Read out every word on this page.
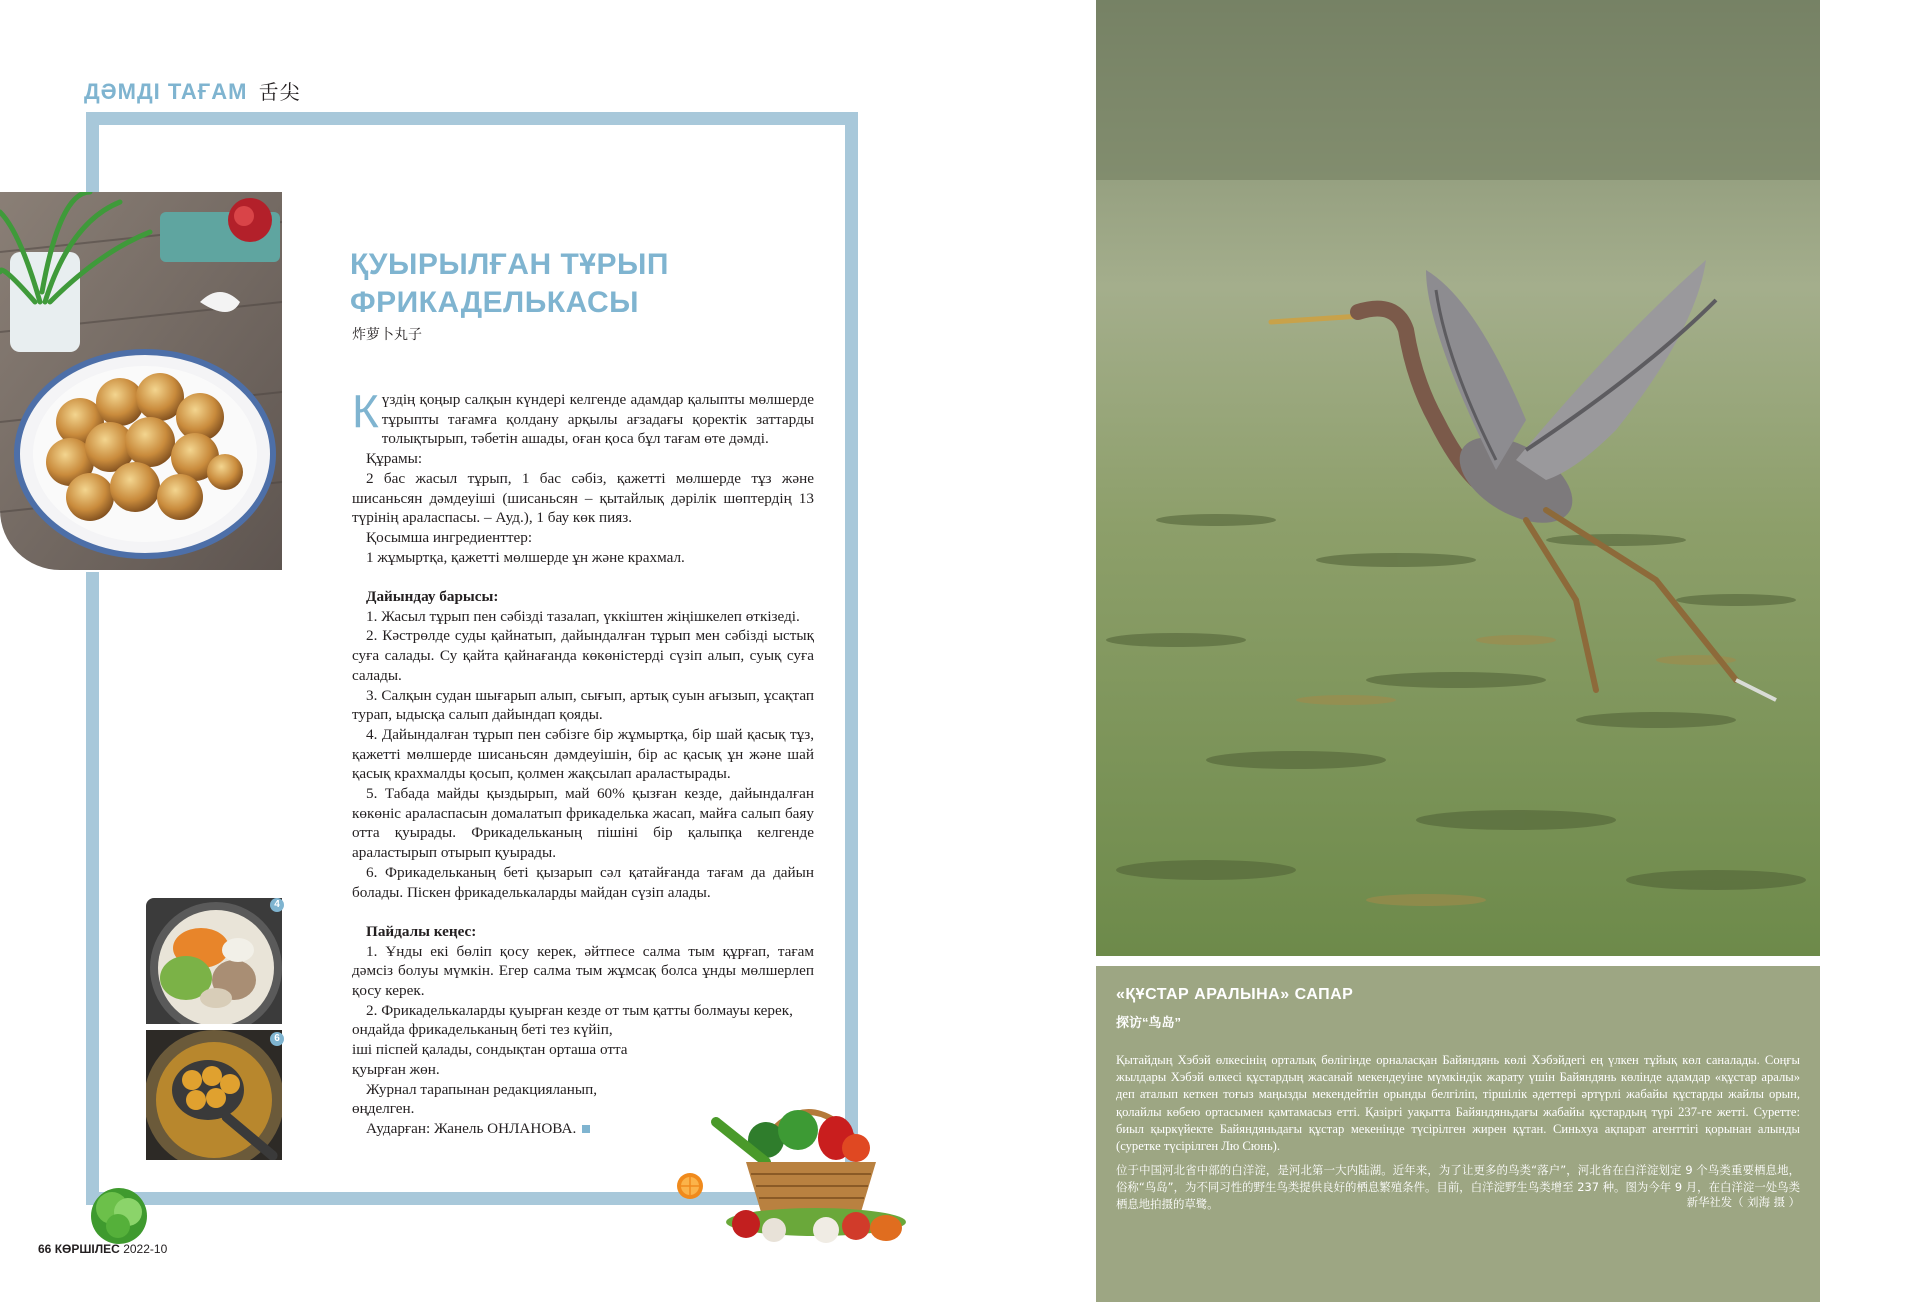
ДӘМДІ ТАҒАМ 舌尖
ҚУЫРЫЛҒАН ТҰРЫП
ФРИКАДЕЛЬКАСЫ
炸萝卜丸子

Күздің қоңыр салқын күндері келгенде адамдар қалыпты мөлшерде тұрыпты тағамға қолдану арқылы ағзадағы қоректік заттарды толықтырып, тәбетін ашады, оған қоса бұл тағам өте дәмді.

Құрамы:

2 бас жасыл тұрып, 1 бас сәбіз, қажетті мөлшерде тұз және шисаньсян дәмдеуіші (шисаньсян – қытайлық дәрілік шөптердің 13 түрінің араласпасы. – Ауд.), 1 бау көк пияз.

Қосымша ингредиенттер:

1 жұмыртқа, қажетті мөлшерде ұн және крахмал.

Дайындау барысы:

1. Жасыл тұрып пен сәбізді тазалап, үккіштен жіңішкелеп өткізеді.

2. Кәстрөлде суды қайнатып, дайындалған тұрып мен сәбізді ыстық суға салады. Су қайта қайнағанда көкөністерді сүзіп алып, суық суға салады.

3. Салқын судан шығарып алып, сығып, артық суын ағызып, ұсақтап турап, ыдысқа салып дайындап қояды.

4. Дайындалған тұрып пен сәбізге бір жұмыртқа, бір шай қасық тұз, қажетті мөлшерде шисаньсян дәмдеуішін, бір ас қасық ұн және шай қасық крахмалды қосып, қолмен жақсылап араластырады.

5. Табада майды қыздырып, май 60% қызған кезде, дайындалған көкөніс араласпасын домалатып фрикаделька жасап, майға салып баяу отта қуырады. Фрикадельканың пішіні бір қалыпқа келгенде араластырып отырып қуырады.

6. Фрикадельканың беті қызарып сәл қатайғанда тағам да дайын болады. Піскен фрикаделькаларды майдан сүзіп алады.

Пайдалы кеңес:

1. Ұнды екі бөліп қосу керек, әйтпесе салма тым құрғап, тағам дәмсіз болуы мүмкін. Егер салма тым жұмсақ болса ұнды мөлшерлеп қосу керек.

2. Фрикаделькаларды қуырған кезде от тым қатты болмауы керек,

ондайда фрикадельканың беті тез күйіп,

іші піспей қалады, сондықтан орташа отта

қуырған жөн.

Журнал тарапынан редакцияланып,

өңделген.

Аударған: Жанель ОНЛАНОВА.

4
6
66 КӨРШІЛЕС 2022-10
«ҚҰСТАР АРАЛЫНА» САПАР
探访“鸟岛”
Қытайдың Хэбэй өлкесінің орталық бөлігінде орналасқан Байяндянь көлі Хэбэйдегі ең үлкен тұйық көл саналады. Соңғы жылдары Хэбэй өлкесі құстардың жасанай мекендеуіне мүмкіндік жарату үшін Байяндянь көлінде адамдар «құстар аралы» деп аталып кеткен тоғыз маңызды мекендейтін орынды белгіліп, тіршілік әдеттері әртүрлі жабайы құстарды жайлы орын, қолайлы көбею ортасымен қамтамасыз етті. Қазіргі уақытта Байяндяньдағы жабайы құстардың түрі 237-ге жетті. Суретте: биыл қыркүйекте Байяндяньдағы құстар мекенінде түсірілген жирен құтан. Синьхуа ақпарат агенттігі қорынан алынды (суретке түсірілген Лю Сюнь).
位于中国河北省中部的白洋淀，是河北第一大内陆湖。近年来，为了让更多的鸟类“落户”，河北省在白洋淀划定 9 个鸟类重要栖息地，俗称“鸟岛”，为不同习性的野生鸟类提供良好的栖息繁殖条件。目前，白洋淀野生鸟类增至 237 种。图为今年 9 月，在白洋淀一处鸟类栖息地拍摄的草鹭。	新华社发（ 刘海 摄 ）
